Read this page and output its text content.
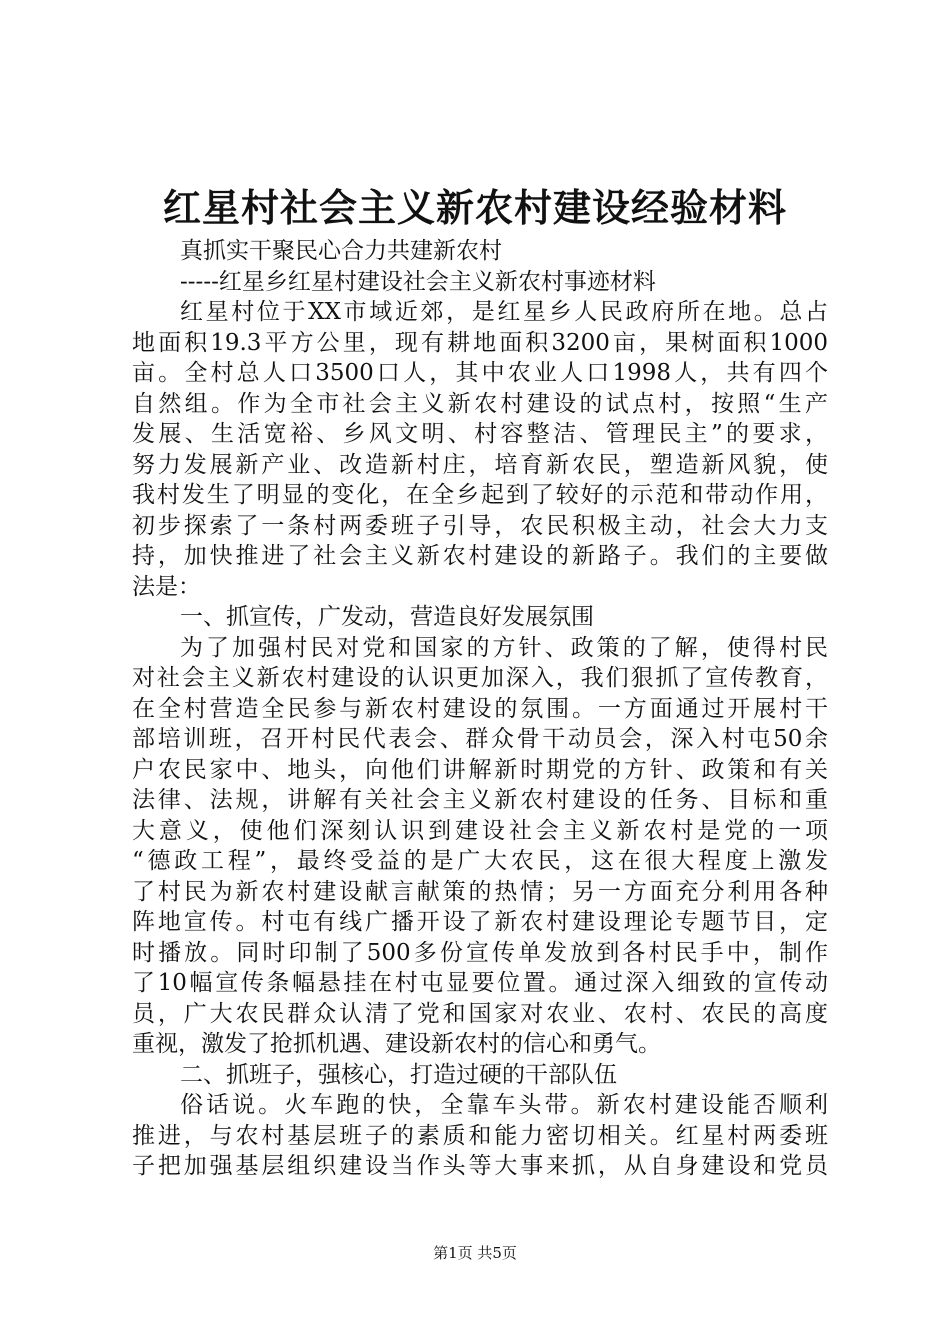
红星村社会主义新农村建设经验材料
真抓实干聚民心合力共建新农村
-----红星乡红星村建设社会主义新农村事迹材料
红星村位于XX市域近郊，是红星乡人民政府所在地。总占
地面积19.3平方公里，现有耕地面积3200亩，果树面积1000
亩。全村总人口3500口人，其中农业人口1998人，共有四个
自然组。作为全市社会主义新农村建设的试点村，按照“生产
发展、生活宽裕、乡风文明、村容整洁、管理民主”的要求，
努力发展新产业、改造新村庄，培育新农民，塑造新风貌，使
我村发生了明显的变化，在全乡起到了较好的示范和带动作用，
初步探索了一条村两委班子引导，农民积极主动，社会大力支
持，加快推进了社会主义新农村建设的新路子。我们的主要做
法是：
一、抓宣传，广发动，营造良好发展氛围
为了加强村民对党和国家的方针、政策的了解，使得村民
对社会主义新农村建设的认识更加深入，我们狠抓了宣传教育，
在全村营造全民参与新农村建设的氛围。一方面通过开展村干
部培训班，召开村民代表会、群众骨干动员会，深入村屯50余
户农民家中、地头，向他们讲解新时期党的方针、政策和有关
法律、法规，讲解有关社会主义新农村建设的任务、目标和重
大意义，使他们深刻认识到建设社会主义新农村是党的一项
“德政工程”，最终受益的是广大农民，这在很大程度上激发
了村民为新农村建设献言献策的热情；另一方面充分利用各种
阵地宣传。村屯有线广播开设了新农村建设理论专题节目，定
时播放。同时印制了500多份宣传单发放到各村民手中，制作
了10幅宣传条幅悬挂在村屯显要位置。通过深入细致的宣传动
员，广大农民群众认清了党和国家对农业、农村、农民的高度
重视，激发了抢抓机遇、建设新农村的信心和勇气。
二、抓班子，强核心，打造过硬的干部队伍
俗话说。火车跑的快，全靠车头带。新农村建设能否顺利
推进，与农村基层班子的素质和能力密切相关。红星村两委班
子把加强基层组织建设当作头等大事来抓，从自身建设和党员
第1页 共5页
